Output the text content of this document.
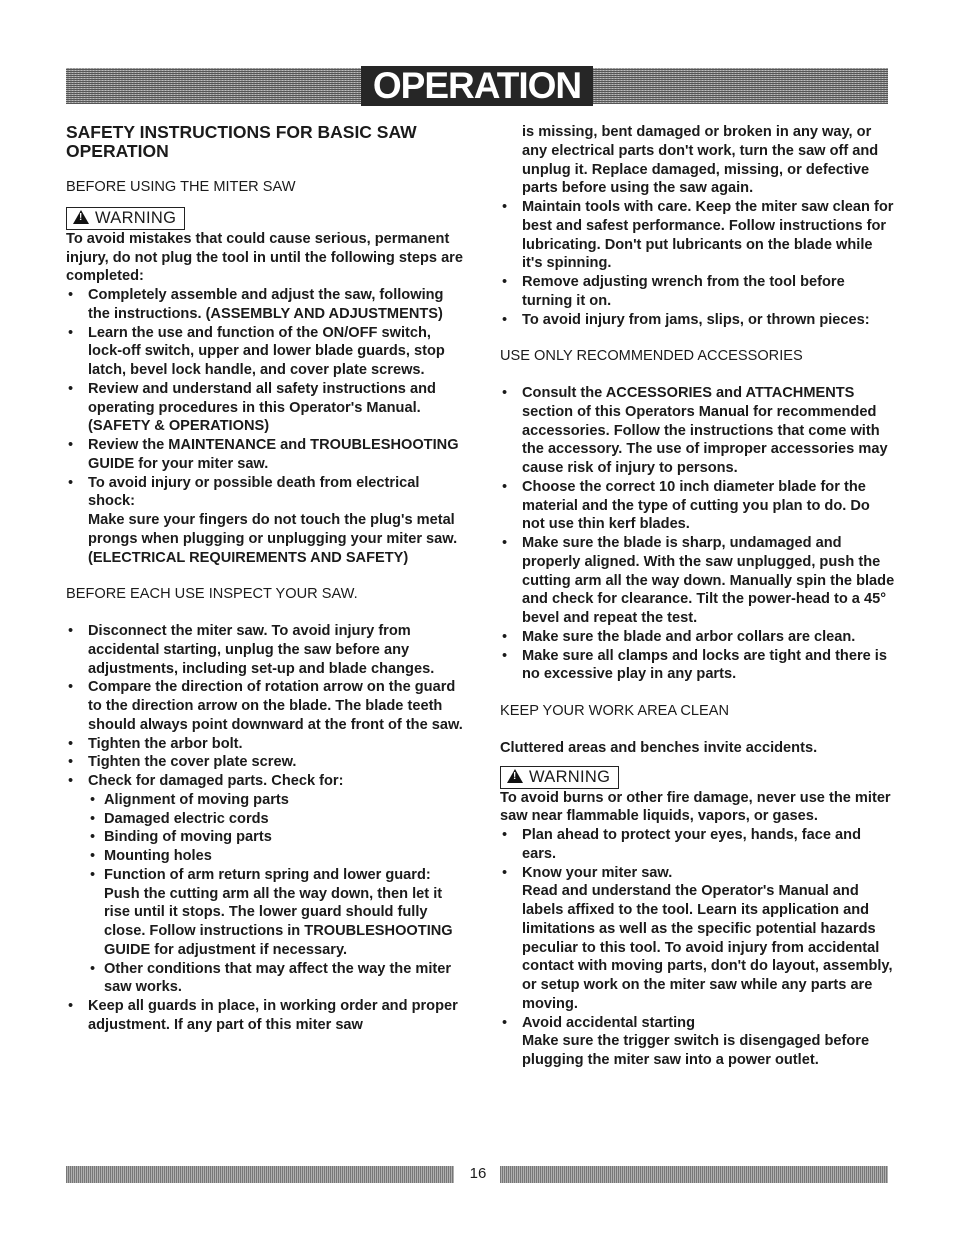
OPERATION

SAFETY INSTRUCTIONS FOR BASIC SAW OPERATION

BEFORE USING THE MITER SAW

!WARNING

To avoid mistakes that could cause serious, permanent injury, do not plug the tool in until the following steps are completed:

• Completely assemble and adjust the saw, following the instructions. (ASSEMBLY AND ADJUSTMENTS)
• Learn the use and function of the ON/OFF switch, lock-off switch, upper and lower blade guards, stop latch, bevel lock handle, and cover plate screws.
• Review and understand all safety instructions and operating procedures in this Operator's Manual. (SAFETY & OPERATIONS)
• Review the MAINTENANCE and TROUBLESHOOTING GUIDE for your miter saw.
• To avoid injury or possible death from electrical shock:
Make sure your fingers do not touch the plug's metal prongs when plugging or unplugging your miter saw. (ELECTRICAL REQUIREMENTS AND SAFETY)

BEFORE EACH USE INSPECT YOUR SAW.

• Disconnect the miter saw. To avoid injury from accidental starting, unplug the saw before any adjustments, including set-up and blade changes.
• Compare the direction of rotation arrow on the guard to the direction arrow on the blade. The blade teeth should always point downward at the front of the saw.
• Tighten the arbor bolt.
• Tighten the cover plate screw.
• Check for damaged parts. Check for:
• Alignment of moving parts
• Damaged electric cords
• Binding of moving parts
• Mounting holes
• Function of arm return spring and lower guard:
Push the cutting arm all the way down, then let it rise until it stops. The lower guard should fully close. Follow instructions in TROUBLESHOOTING GUIDE for adjustment if necessary.
• Other conditions that may affect the way the miter saw works.
• Keep all guards in place, in working order and proper adjustment. If any part of this miter saw

is missing, bent damaged or broken in any way, or any electrical parts don't work, turn the saw off and unplug it. Replace damaged, missing, or defective parts before using the saw again.

• Maintain tools with care. Keep the miter saw clean for best and safest performance. Follow instructions for lubricating. Don't put lubricants on the blade while it's spinning.
• Remove adjusting wrench from the tool before turning it on.
• To avoid injury from jams, slips, or thrown pieces:

USE ONLY RECOMMENDED ACCESSORIES

• Consult the ACCESSORIES and ATTACHMENTS section of this Operators Manual for recommended accessories. Follow the instructions that come with the accessory. The use of improper accessories may cause risk of injury to persons.
• Choose the correct 10 inch diameter blade for the material and the type of cutting you plan to do. Do not use thin kerf blades.
• Make sure the blade is sharp, undamaged and properly aligned. With the saw unplugged, push the cutting arm all the way down. Manually spin the blade and check for clearance. Tilt the power-head to a 45° bevel and repeat the test.
• Make sure the blade and arbor collars are clean.
• Make sure all clamps and locks are tight and there is no excessive play in any parts.

KEEP YOUR WORK AREA CLEAN

Cluttered areas and benches invite accidents.

!WARNING

To avoid burns or other fire damage, never use the miter saw near flammable liquids, vapors, or gases.

• Plan ahead to protect your eyes, hands, face and ears.
• Know your miter saw.
Read and understand the Operator's Manual and labels affixed to the tool. Learn its application and limitations as well as the specific potential hazards peculiar to this tool. To avoid injury from accidental contact with moving parts, don't do layout, assembly, or setup work on the miter saw while any parts are moving.
• Avoid accidental starting
Make sure the trigger switch is disengaged before plugging the miter saw into a power outlet.
16
